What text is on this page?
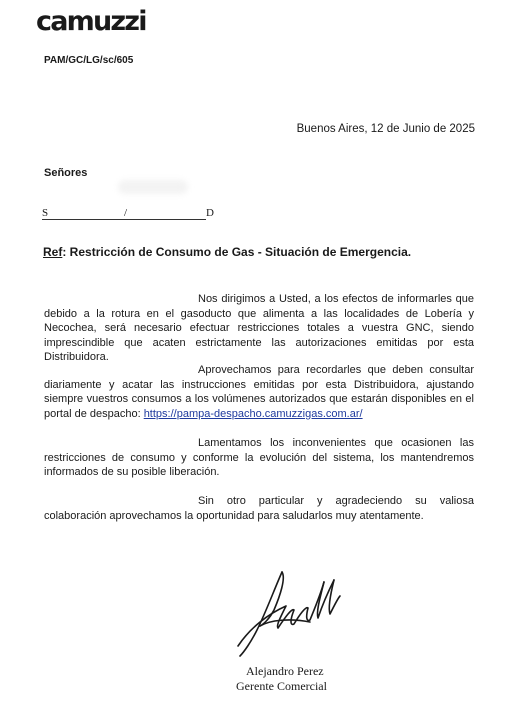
camuzzi
PAM/GC/LG/sc/605
Buenos Aires, 12 de Junio de 2025
Señores
S	/	D
Ref: Restricción de Consumo de Gas - Situación de Emergencia.

Nos dirigimos a Usted, a los efectos de informarles que debido a la rotura en el gasoducto que alimenta a las localidades de Lobería y Necochea, será necesario efectuar restricciones totales a vuestra GNC, siendo imprescindible que acaten estrictamente las autorizaciones emitidas por esta Distribuidora.

Aprovechamos para recordarles que deben consultar diariamente y acatar las instrucciones emitidas por esta Distribuidora, ajustando siempre vuestros consumos a los volúmenes autorizados que estarán disponibles en el portal de despacho: https://pampa-despacho.camuzzigas.com.ar/

Lamentamos los inconvenientes que ocasionen las restricciones de consumo y conforme la evolución del sistema, los mantendremos informados de su posible liberación.

Sin otro particular y agradeciendo su valiosa colaboración aprovechamos la oportunidad para saludarlos muy atentamente.

Alejandro Perez
Gerente Comercial
